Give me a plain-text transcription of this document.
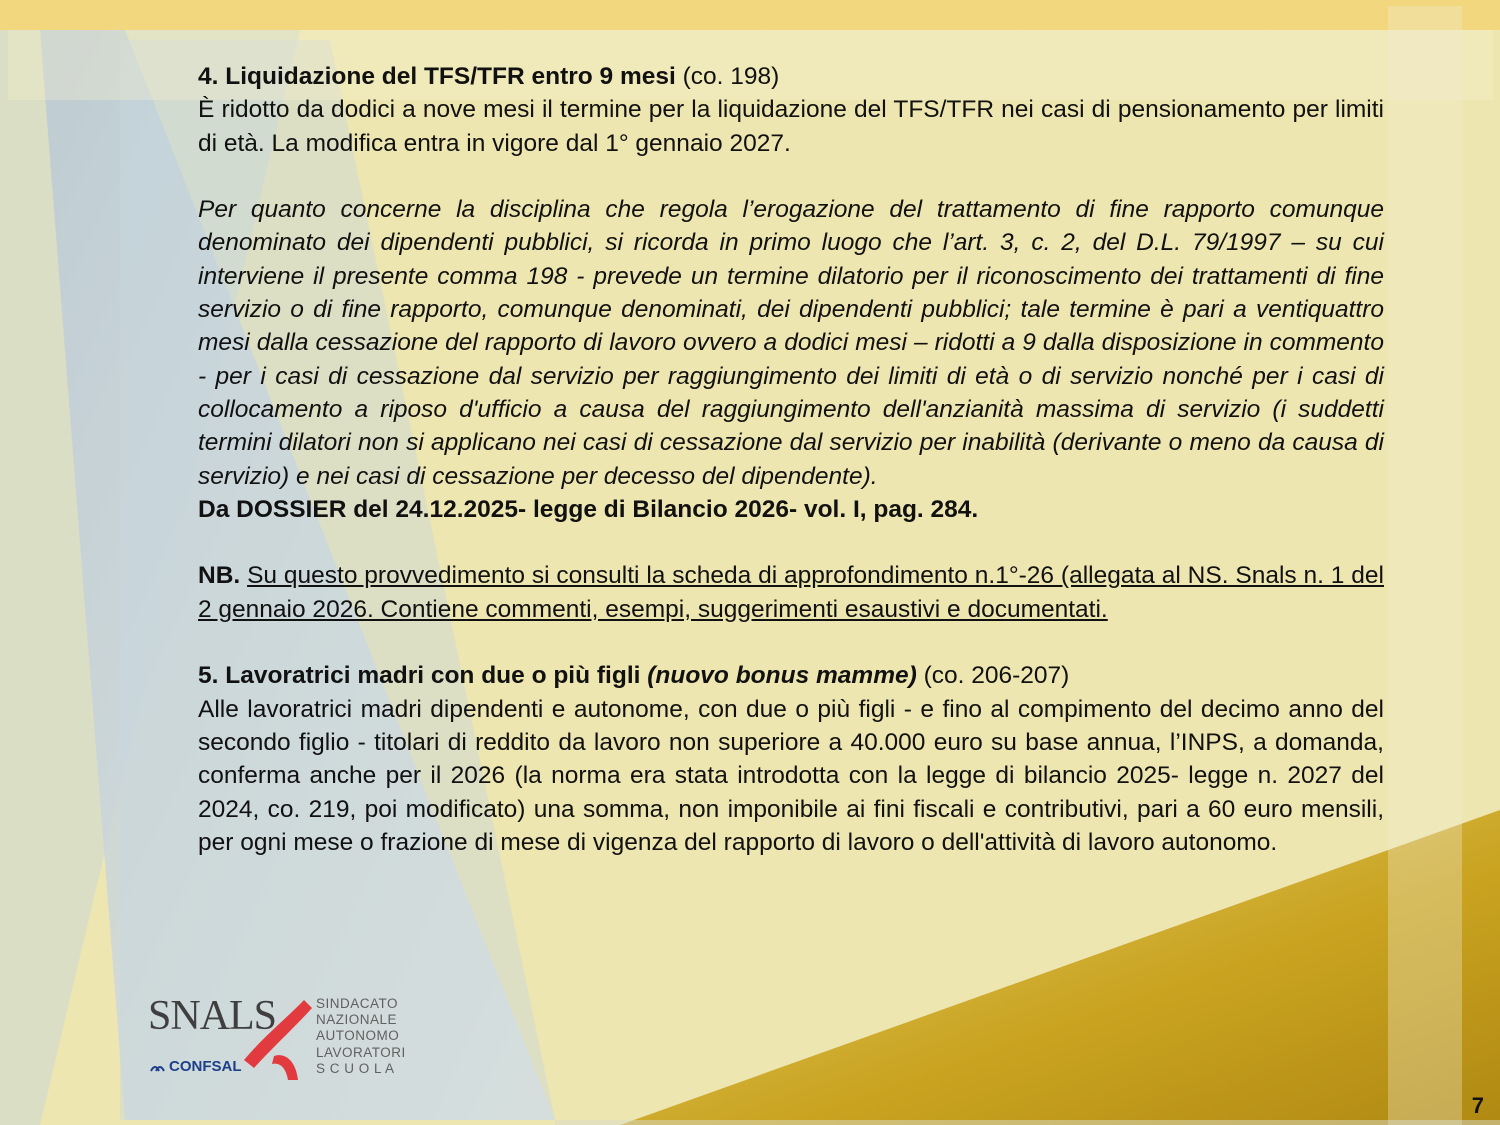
4. Liquidazione del TFS/TFR entro 9 mesi (co. 198)

È ridotto da dodici a nove mesi il termine per la liquidazione del TFS/TFR nei casi di pensionamento per limiti di età. La modifica entra in vigore dal 1° gennaio 2027.

Per quanto concerne la disciplina che regola l’erogazione del trattamento di fine rapporto comunque denominato dei dipendenti pubblici, si ricorda in primo luogo che l’art. 3, c. 2, del D.L. 79/1997 – su cui interviene il presente comma 198 - prevede un termine dilatorio per il riconoscimento dei trattamenti di fine servizio o di fine rapporto, comunque denominati, dei dipendenti pubblici; tale termine è pari a ventiquattro mesi dalla cessazione del rapporto di lavoro ovvero a dodici mesi – ridotti a 9 dalla disposizione in commento - per i casi di cessazione dal servizio per raggiungimento dei limiti di età o di servizio nonché per i casi di collocamento a riposo d'ufficio a causa del raggiungimento dell'anzianità massima di servizio (i suddetti termini dilatori non si applicano nei casi di cessazione dal servizio per inabilità (derivante o meno da causa di servizio) e nei casi di cessazione per decesso del dipendente).

Da DOSSIER del 24.12.2025- legge di Bilancio 2026- vol. I, pag. 284.

NB. Su questo provvedimento si consulti la scheda di approfondimento n.1°-26 (allegata al NS. Snals n. 1 del 2 gennaio 2026. Contiene commenti, esempi, suggerimenti esaustivi e documentati.

5. Lavoratrici madri con due o più figli (nuovo bonus mamme) (co. 206-207)

Alle lavoratrici madri dipendenti e autonome, con due o più figli - e fino al compimento del decimo anno del secondo figlio - titolari di reddito da lavoro non superiore a 40.000 euro su base annua, l’INPS, a domanda, conferma anche per il 2026 (la norma era stata introdotta con la legge di bilancio 2025- legge n. 2027 del 2024, co. 219, poi modificato) una somma, non imponibile ai fini fiscali e contributivi, pari a 60 euro mensili, per ogni mese o frazione di mese di vigenza del rapporto di lavoro o dell'attività di lavoro autonomo.

SNALS
CONFSAL
SINDACATO
NAZIONALE
AUTONOMO
LAVORATORI
S C U O L A
7
